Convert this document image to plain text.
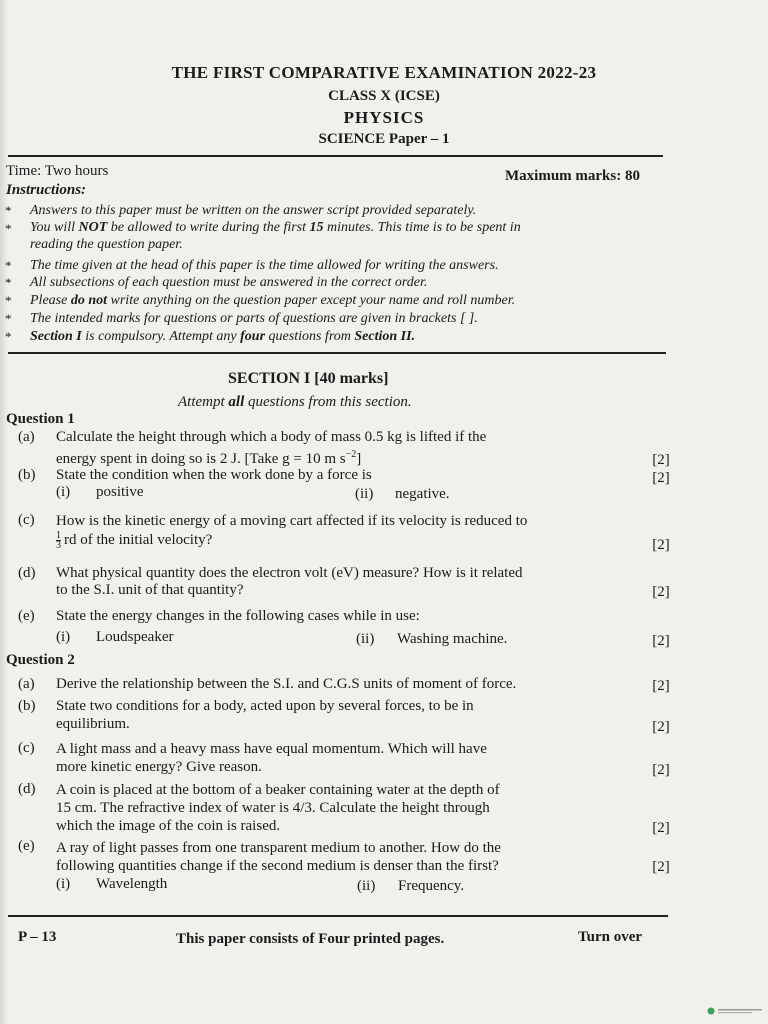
THE FIRST COMPARATIVE EXAMINATION 2022-23
CLASS X (ICSE)
PHYSICS
SCIENCE Paper – 1
Time: Two hours	Maximum marks: 80
Instructions:
* Answers to this paper must be written on the answer script provided separately.
* You will NOT be allowed to write during the first 15 minutes. This time is to be spent in
reading the question paper.
* The time given at the head of this paper is the time allowed for writing the answers.
* All subsections of each question must be answered in the correct order.
* Please do not write anything on the question paper except your name and roll number.
* The intended marks for questions or parts of questions are given in brackets [ ].
* Section I is compulsory. Attempt any four questions from Section II.
SECTION I [40 marks]
Attempt all questions from this section.
Question 1
(a) Calculate the height through which a body of mass 0.5 kg is lifted if the
energy spent in doing so is 2 J. [Take g = 10 m $s^{-2}$]	[2]
(b) State the condition when the work done by a force is	[2]
(i) positive	(ii) negative.
(c) How is the kinetic energy of a moving cart affected if its velocity is reduced to
$\frac{1}{3}$ rd of the initial velocity?	[2]
(d) What physical quantity does the electron volt (eV) measure? How is it related
to the S.I. unit of that quantity?	[2]
(e) State the energy changes in the following cases while in use:
(i) Loudspeaker	(ii) Washing machine.	[2]
Question 2
(a) Derive the relationship between the S.I. and C.G.S units of moment of force.	[2]
(b) State two conditions for a body, acted upon by several forces, to be in
equilibrium.	[2]
(c) A light mass and a heavy mass have equal momentum. Which will have
more kinetic energy? Give reason.	[2]
(d) A coin is placed at the bottom of a beaker containing water at the depth of
15 cm. The refractive index of water is 4/3. Calculate the height through
which the image of the coin is raised.	[2]
(e) A ray of light passes from one transparent medium to another. How do the
following quantities change if the second medium is denser than the first?	[2]
(i) Wavelength	(ii) Frequency.
P – 13	This paper consists of Four printed pages.	Turn over
